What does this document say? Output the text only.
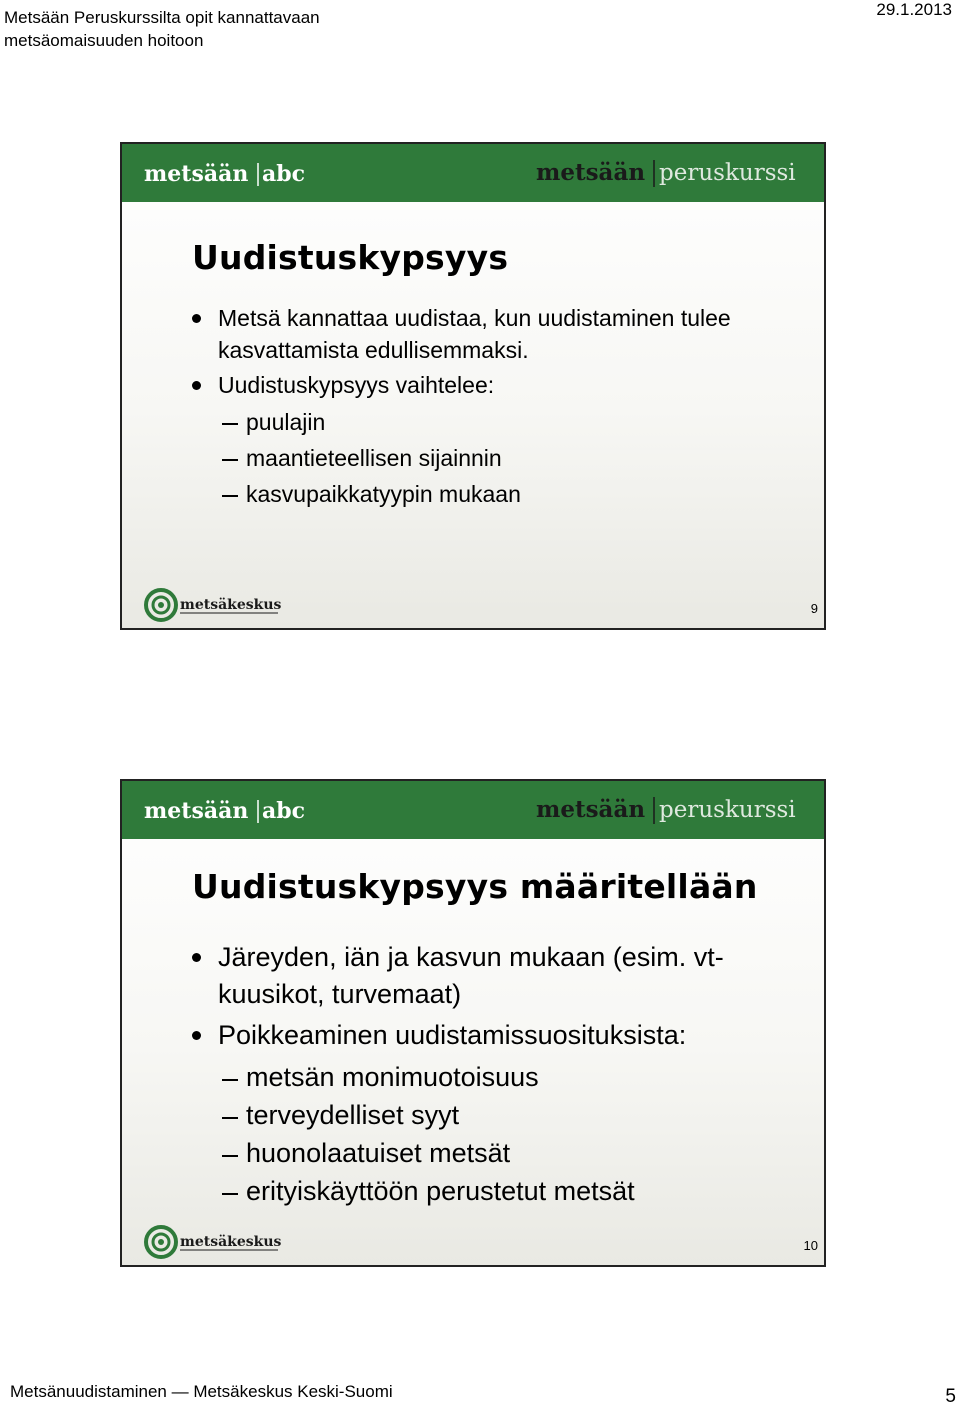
Metsään Peruskurssilta opit kannattavaan
metsäomaisuuden hoitoon
29.1.2013
metsään abc	metsään peruskurssi
Uudistuskypsyys
Metsä kannattaa uudistaa, kun uudistaminen tulee kasvattamista edullisemmaksi.
Uudistuskypsyys vaihtelee:
puulajin
maantieteellisen sijainnin
kasvupaikkatyypin mukaan
metsäkeskus	9
metsään abc	metsään peruskurssi
Uudistuskypsyys määritellään
Järeyden, iän ja kasvun mukaan (esim. vt-kuusikot, turvemaat)
Poikkeaminen uudistamissuosituksista:
metsän monimuotoisuus
terveydelliset syyt
huonolaatuiset metsät
erityiskäyttöön perustetut metsät
metsäkeskus	10
Metsänuudistaminen — Metsäkeskus Keski-Suomi	5
